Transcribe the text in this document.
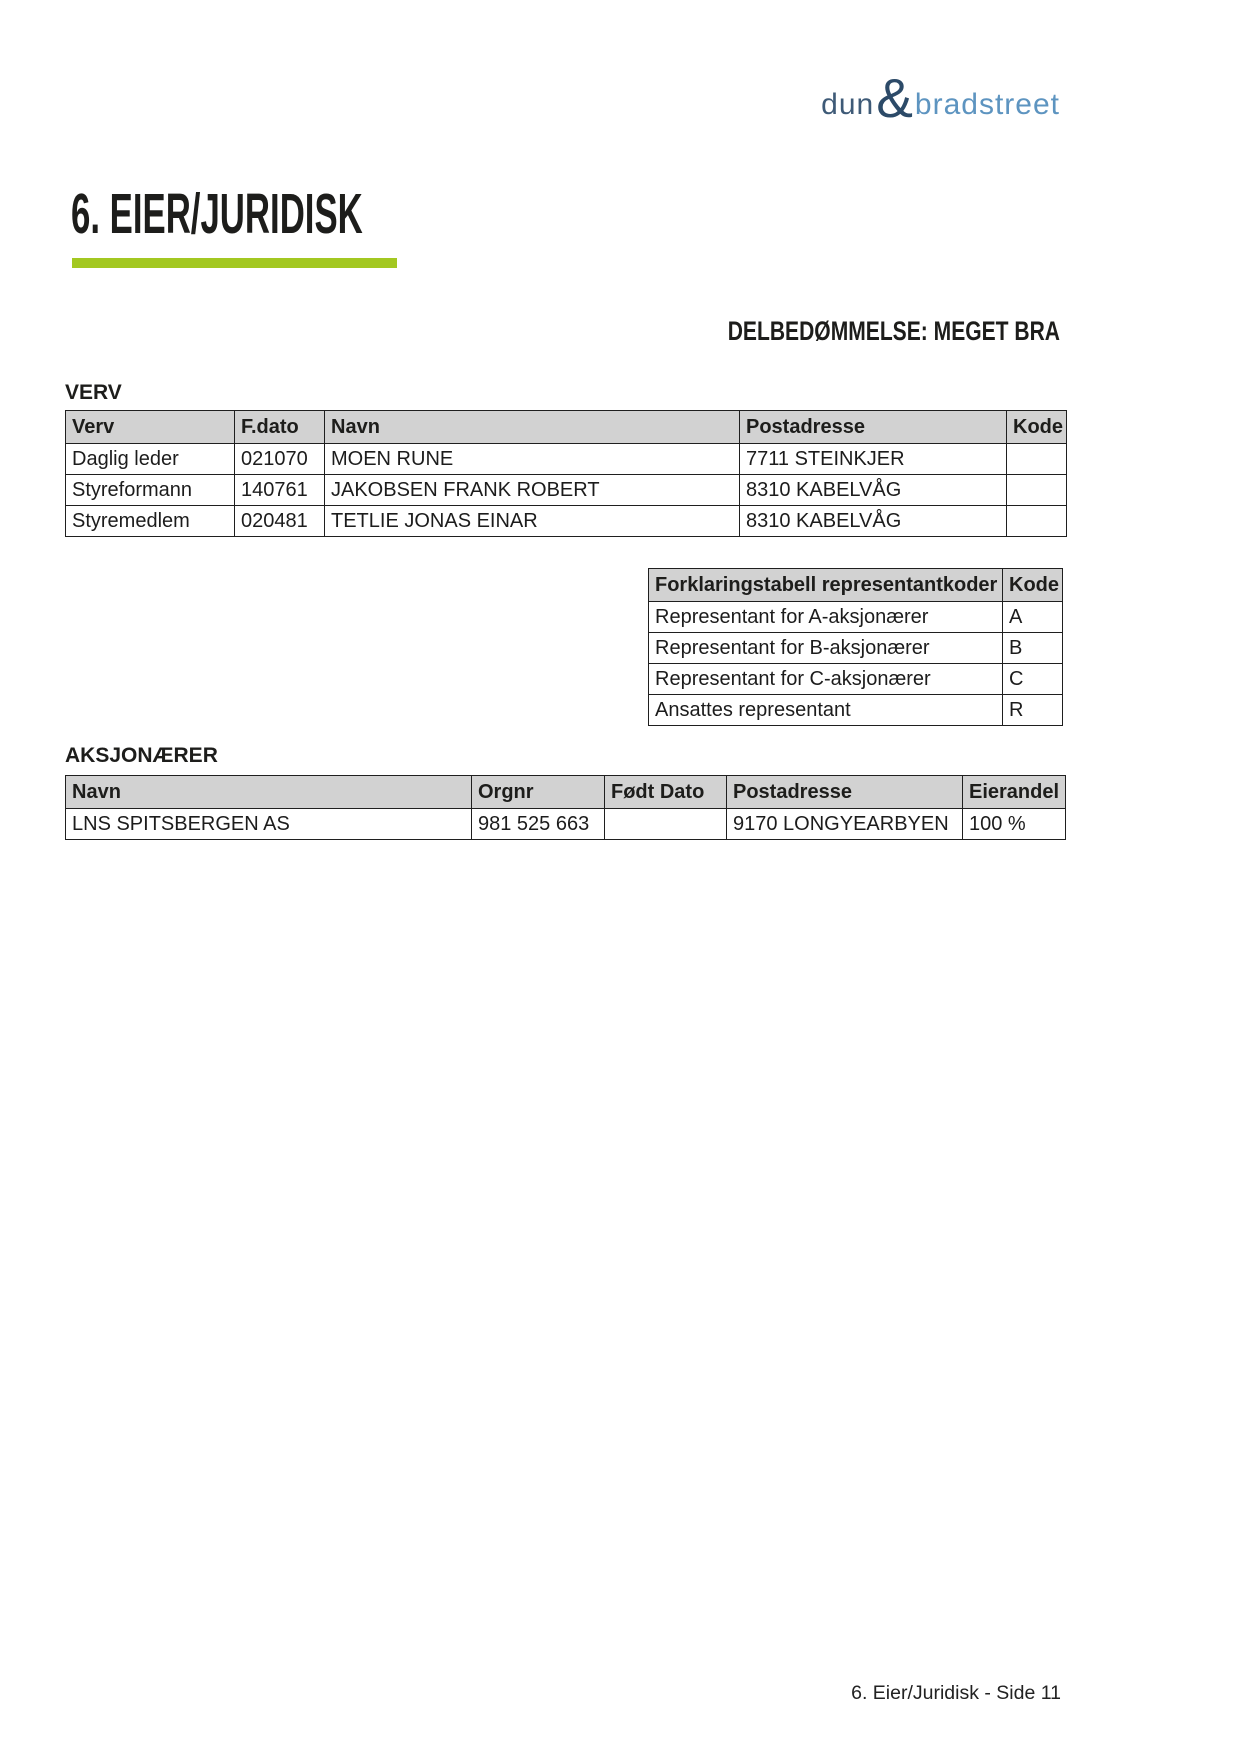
dun & bradstreet
6. EIER/JURIDISK
DELBEDØMMELSE: MEGET BRA
VERV
Verv	F.dato	Navn	Postadresse	Kode
Daglig leder	021070	MOEN RUNE	7711 STEINKJER	
Styreformann	140761	JAKOBSEN FRANK ROBERT	8310 KABELVÅG	
Styremedlem	020481	TETLIE JONAS EINAR	8310 KABELVÅG	
Forklaringstabell representantkoder	Kode
Representant for A-aksjonærer	A
Representant for B-aksjonærer	B
Representant for C-aksjonærer	C
Ansattes representant	R
AKSJONÆRER
Navn	Orgnr	Født Dato	Postadresse	Eierandel
LNS SPITSBERGEN AS	981 525 663		9170 LONGYEARBYEN	100 %
6. Eier/Juridisk - Side 11
